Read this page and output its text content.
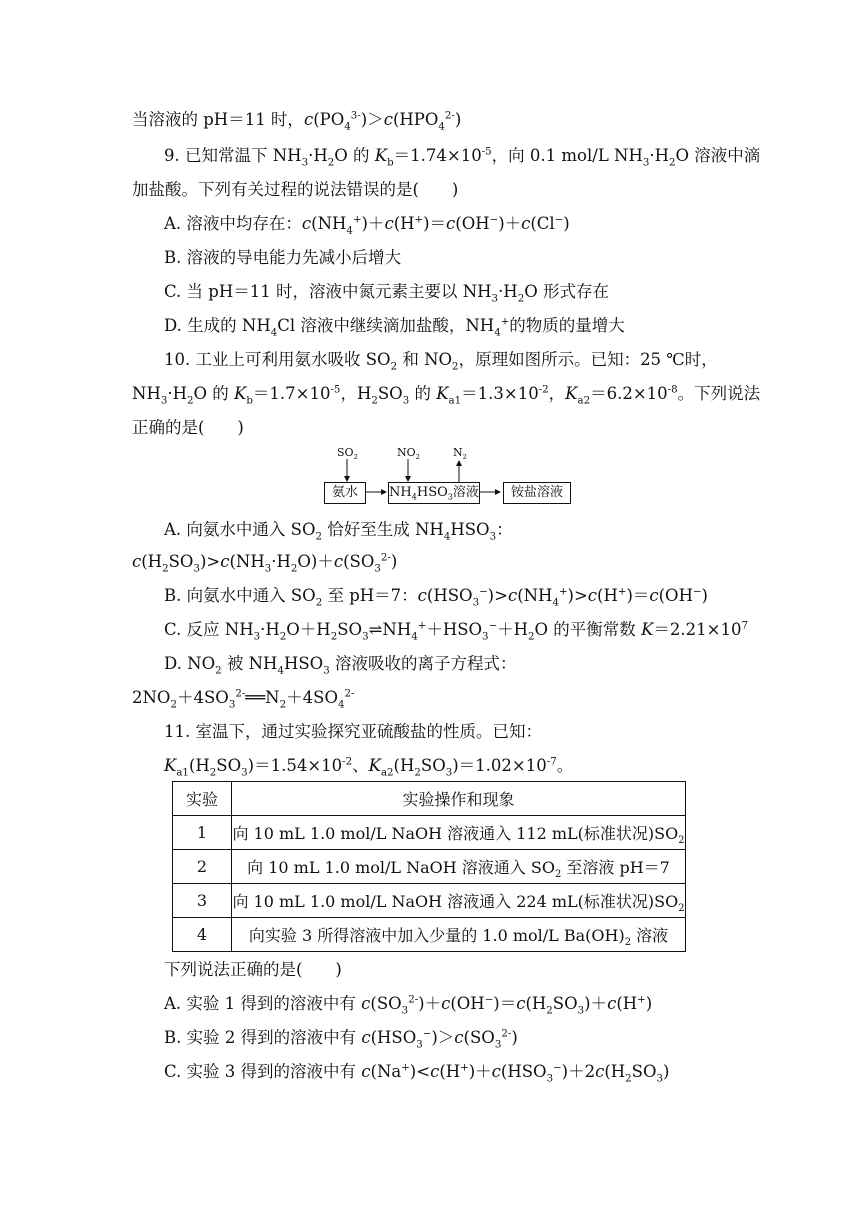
当溶液的 pH＝11 时，$c(PO_4^{3-})>c(HPO_4^{2-})$
9. 已知常温下 $NH_3\cdot H_2O$ 的 $K_b=1.74\times 10^{-5}$，向 0.1 mol/L $NH_3\cdot H_2O$ 溶液中滴
加盐酸。下列有关过程的说法错误的是(　　)
A. 溶液中均存在：$c(NH_4^+)+c(H^+)=c(OH^-)+c(Cl^-)$
B. 溶液的导电能力先减小后增大
C. 当 pH＝11 时，溶液中氮元素主要以 $NH_3\cdot H_2O$ 形式存在
D. 生成的 $NH_4Cl$ 溶液中继续滴加盐酸，$NH_4^+$的物质的量增大
10. 工业上可利用氨水吸收 $SO_2$ 和 $NO_2$，原理如图所示。已知：25 ℃时，
$NH_3\cdot H_2O$ 的 $K_b=1.7\times 10^{-5}$，$H_2SO_3$ 的 $K_{a1}=1.3\times 10^{-2}$，$K_{a2}=6.2\times 10^{-8}$。下列说法
正确的是(　　)
$SO_2$	$NO_2$	$N_2$
氨水	$NH_4HSO_3$溶液	铵盐溶液
A. 向氨水中通入 $SO_2$ 恰好至生成 $NH_4HSO_3$：
$c(H_2SO_3)>c(NH_3\cdot H_2O)+c(SO_3^{2-})$
B. 向氨水中通入 $SO_2$ 至 pH＝7：$c(HSO_3^-)>c(NH_4^+)>c(H^+)=c(OH^-)$
C. 反应 $NH_3\cdot H_2O+H_2SO_3\rightleftharpoons NH_4^++HSO_3^-+H_2O$ 的平衡常数 $K=2.21\times 10^7$
D. $NO_2$ 被 $NH_4HSO_3$ 溶液吸收的离子方程式：
$2NO_2+4SO_3^{2-}══N_2+4SO_4^{2-}$
11. 室温下，通过实验探究亚硫酸盐的性质。已知：
$K_{a1}(H_2SO_3)=1.54\times 10^{-2}$、$K_{a2}(H_2SO_3)=1.02\times 10^{-7}$。
实验	实验操作和现象
1	向 10 mL 1.0 mol/L NaOH 溶液通入 112 mL(标准状况)$SO_2$
2	向 10 mL 1.0 mol/L NaOH 溶液通入 $SO_2$ 至溶液 pH＝7
3	向 10 mL 1.0 mol/L NaOH 溶液通入 224 mL(标准状况)$SO_2$
4	向实验 3 所得溶液中加入少量的 1.0 mol/L $Ba(OH)_2$ 溶液
下列说法正确的是(　　)
A. 实验 1 得到的溶液中有 $c(SO_3^{2-})+c(OH^-)=c(H_2SO_3)+c(H^+)$
B. 实验 2 得到的溶液中有 $c(HSO_3^-)>c(SO_3^{2-})$
C. 实验 3 得到的溶液中有 $c(Na^+)<c(H^+)+c(HSO_3^-)+2c(H_2SO_3)$
